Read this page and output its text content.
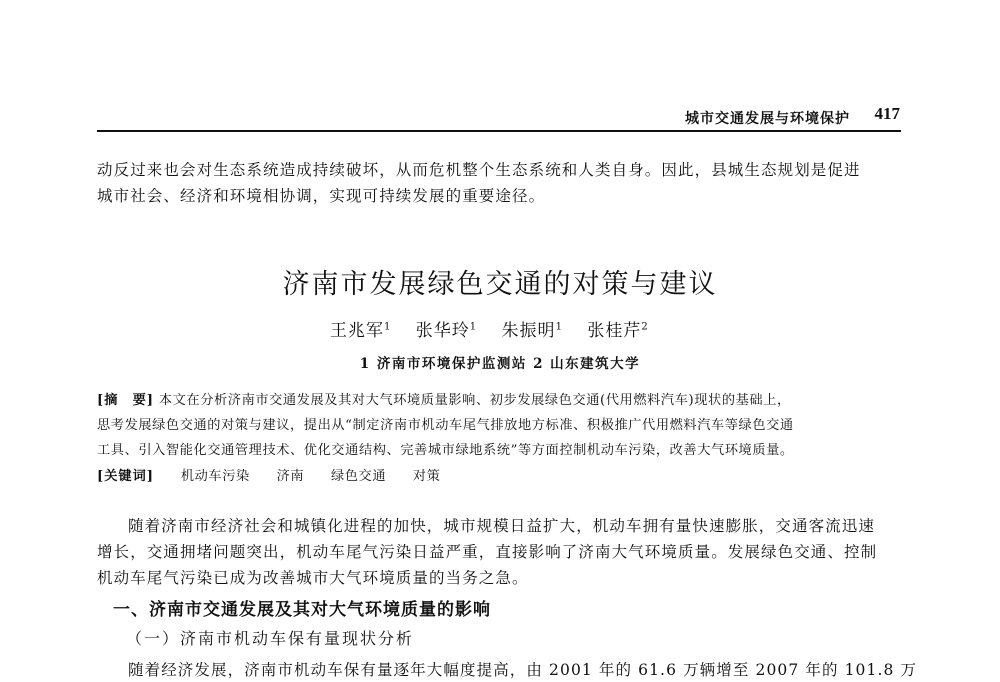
城市交通发展与环境保护 417
动反过来也会对生态系统造成持续破坏，从而危机整个生态系统和人类自身。因此，县城生态规划是促进
城市社会、经济和环境相协调，实现可持续发展的重要途径。
济南市发展绿色交通的对策与建议
王兆军$^1$ 张华玲$^1$ 朱振明$^1$ 张桂芹$^2$
1 济南市环境保护监测站 2 山东建筑大学
[摘　要] 本文在分析济南市交通发展及其对大气环境质量影响、初步发展绿色交通(代用燃料汽车)现状的基础上，
思考发展绿色交通的对策与建议，提出从“制定济南市机动车尾气排放地方标准、积极推广代用燃料汽车等绿色交通
工具、引入智能化交通管理技术、优化交通结构、完善城市绿地系统”等方面控制机动车污染，改善大气环境质量。
[关键词] 机动车污染 济南 绿色交通 对策
随着济南市经济社会和城镇化进程的加快，城市规模日益扩大，机动车拥有量快速膨胀，交通客流迅速
增长，交通拥堵问题突出，机动车尾气污染日益严重，直接影响了济南大气环境质量。发展绿色交通、控制
机动车尾气污染已成为改善城市大气环境质量的当务之急。
一、济南市交通发展及其对大气环境质量的影响
（一）济南市机动车保有量现状分析
随着经济发展，济南市机动车保有量逐年大幅度提高，由 2001 年的 61.6 万辆增至 2007 年的 101.8 万
